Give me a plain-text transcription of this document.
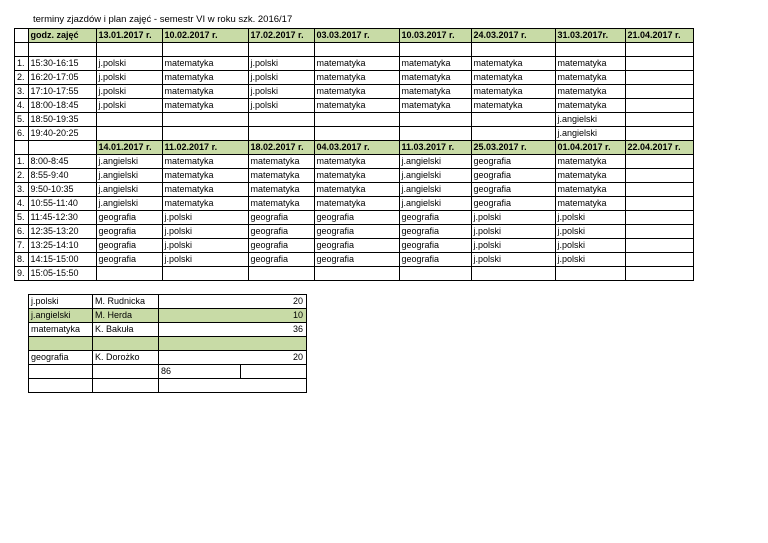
terminy zjazdów i plan zajęć - semestr VI w roku szk. 2016/17
	godz. zajęć	13.01.2017 r.	10.02.2017 r.	17.02.2017 r.	03.03.2017 r.	10.03.2017 r.	24.03.2017 r.	31.03.2017r.	21.04.2017 r.

1.	15:30-16:15	j.polski	matematyka	j.polski	matematyka	matematyka	matematyka	matematyka	
2.	16:20-17:05	j.polski	matematyka	j.polski	matematyka	matematyka	matematyka	matematyka	
3.	17:10-17:55	j.polski	matematyka	j.polski	matematyka	matematyka	matematyka	matematyka	
4.	18:00-18:45	j.polski	matematyka	j.polski	matematyka	matematyka	matematyka	matematyka	
5.	18:50-19:35							j.angielski	
6.	19:40-20:25							j.angielski	
		14.01.2017 r.	11.02.2017 r.	18.02.2017 r.	04.03.2017 r.	11.03.2017 r.	25.03.2017 r.	01.04.2017 r.	22.04.2017 r.
1.	8:00-8:45	j.angielski	matematyka	matematyka	matematyka	j.angielski	geografia	matematyka	
2.	8:55-9:40	j.angielski	matematyka	matematyka	matematyka	j.angielski	geografia	matematyka	
3.	9:50-10:35	j.angielski	matematyka	matematyka	matematyka	j.angielski	geografia	matematyka	
4.	10:55-11:40	j.angielski	matematyka	matematyka	matematyka	j.angielski	geografia	matematyka	
5.	11:45-12:30	geografia	j.polski	geografia	geografia	geografia	j.polski	j.polski	
6.	12:35-13:20	geografia	j.polski	geografia	geografia	geografia	j.polski	j.polski	
7.	13:25-14:10	geografia	j.polski	geografia	geografia	geografia	j.polski	j.polski	
8.	14:15-15:00	geografia	j.polski	geografia	geografia	geografia	j.polski	j.polski	
9.	15:05-15:50								
j.polski	M. Rudnicka	20	
j.angielski	M. Herda	10	
matematyka	K. Bakuła	36	

geografia	K. Dorożko	20	
		86	
